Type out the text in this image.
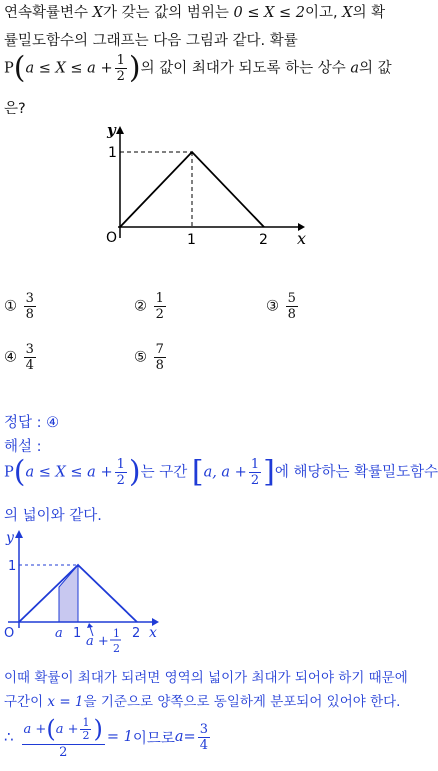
연속확률변수 X가 갖는 값의 범위는 0 ≤ X ≤ 2이고, X의 확
률밀도함수의 그래프는 다음 그림과 같다. 확률
$P(a \le X \le a + \frac{1}{2}$ )의 값이 최대가 되도록 하는 상수 a의 값
은?
y
x
O
1
1	2
① $\frac{3}{8}$	② $\frac{1}{2}$	③ $\frac{5}{8}$
④ $\frac{3}{4}$	⑤ $\frac{7}{8}$
정답 : ④
해설 :
$P(a \le X \le a + \frac{1}{2}$ )는 구간 [a, $a + \frac{1}{2}$ ]에 해당하는 확률밀도함수
의 넓이와 같다.
y
x
O
1
a 1	2
a +
1
2
이때 확률이 최대가 되려면 영역의 넓이가 최대가 되어야 하기 때문에
구간이 x = 1을 기준으로 양쪽으로 동일하게 분포되어 있어야 한다.
∴ $\frac{a + ( a + \frac{1}{2} )}{2} = 1$ 이므로 $a = \frac{3}{4}$
